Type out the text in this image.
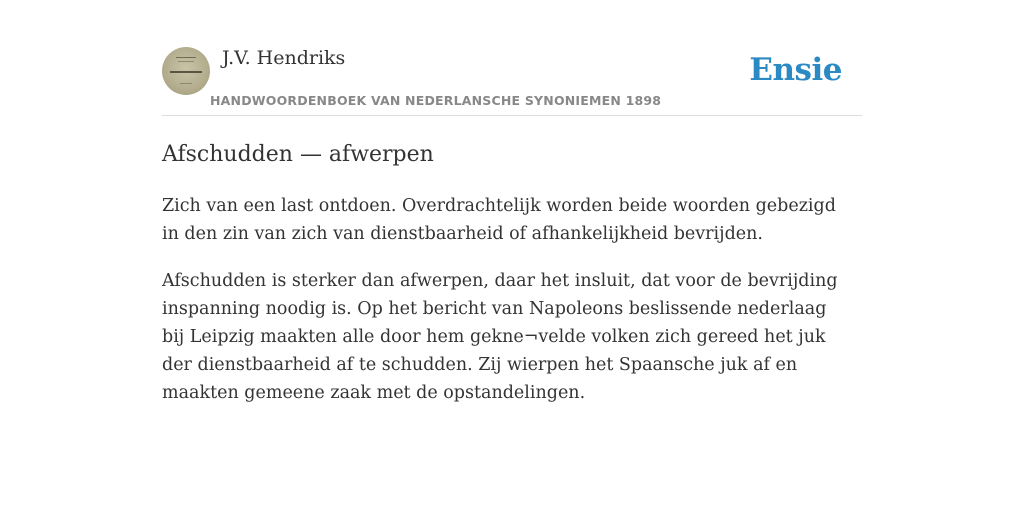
J.V. Hendriks
HANDWOORDENBOEK VAN NEDERLANSCHE SYNONIEMEN 1898
Ensie
Afschudden — afwerpen

Zich van een last ontdoen. Overdrachtelijk worden beide woorden gebezigd in den zin van zich van dienstbaarheid of afhankelijkheid bevrijden.

Afschudden is sterker dan afwerpen, daar het insluit, dat voor de bevrijding inspanning noodig is. Op het bericht van Napoleons beslissende nederlaag bij Leipzig maakten alle door hem gekne¬velde volken zich gereed het juk der dienstbaarheid af te schudden. Zij wierpen het Spaansche juk af en maakten gemeene zaak met de opstandelingen.
